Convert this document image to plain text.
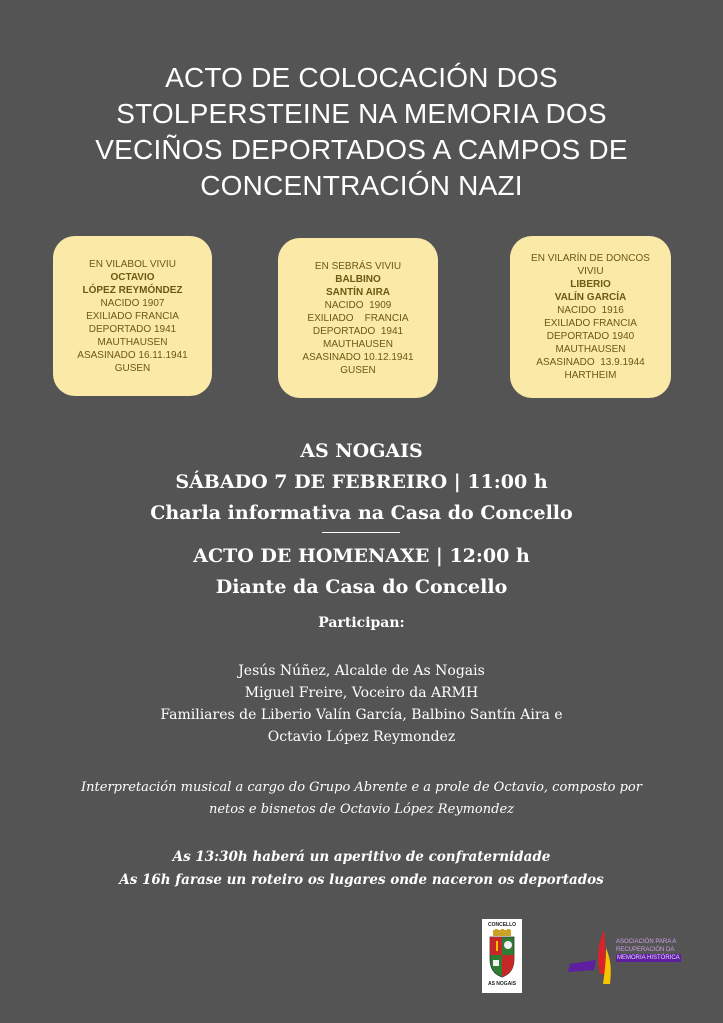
ACTO DE COLOCACIÓN DOS
STOLPERSTEINE NA MEMORIA DOS
VECIÑOS DEPORTADOS A CAMPOS DE
CONCENTRACIÓN NAZI
EN VILABOL VIVIU
OCTAVIO
LÓPEZ REYMÓNDEZ
NACIDO 1907
EXILIADO FRANCIA
DEPORTADO 1941
MAUTHAUSEN
ASASINADO 16.11.1941
GUSEN
EN SEBRÁS VIVIU
BALBINO
SANTÍN AIRA
NACIDO  1909
EXILIADO    FRANCIA
DEPORTADO  1941
MAUTHAUSEN
ASASINADO 10.12.1941
GUSEN
EN VILARÍN DE DONCOS
VIVIU
LIBERIO
VALÍN GARCÍA
NACIDO  1916
EXILIADO FRANCIA
DEPORTADO 1940
MAUTHAUSEN
ASASINADO  13.9.1944
HARTHEIM
AS NOGAIS
SÁBADO 7 DE FEBREIRO | 11:00 h
Charla informativa na Casa do Concello
ACTO DE HOMENAXE | 12:00 h
Diante da Casa do Concello
Participan:
Jesús Núñez, Alcalde de As Nogais
Miguel Freire, Voceiro da ARMH
Familiares de Liberio Valín García, Balbino Santín Aira e
Octavio López Reymondez
Interpretación musical a cargo do Grupo Abrente e a prole de Octavio, composto por
netos e bisnetos de Octavio López Reymondez
As 13:30h haberá un aperitivo de confraternidade
As 16h farase un roteiro os lugares onde naceron os deportados
CONCELLO
AS NOGAIS
ASOCIACIÓN PARA A
RECUPERACIÓN DA
MEMORIA HISTÓRICA
